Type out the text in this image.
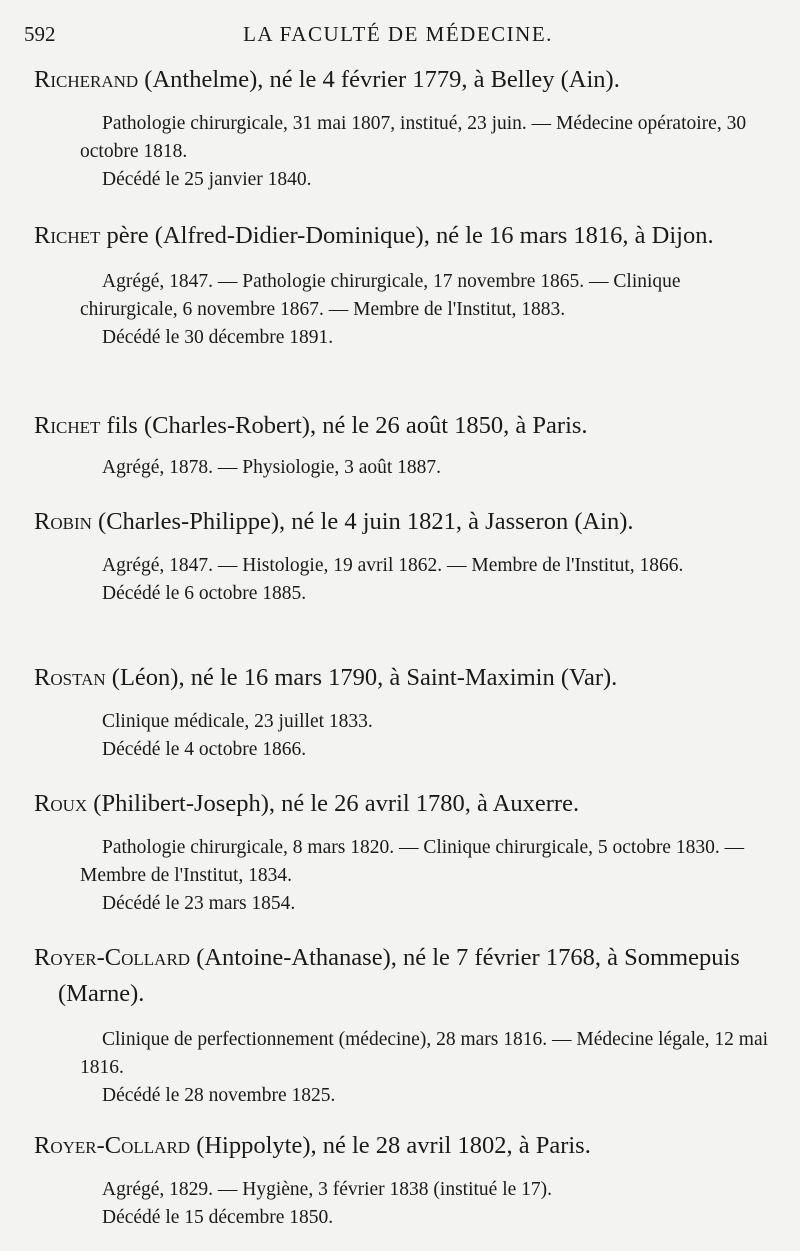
592	LA FACULTÉ DE MÉDECINE.
Richerand (Anthelme), né le 4 février 1779, à Belley (Ain).
Pathologie chirurgicale, 31 mai 1807, institué, 23 juin. — Médecine opératoire, 30 octobre 1818.
Décédé le 25 janvier 1840.
Richet père (Alfred-Didier-Dominique), né le 16 mars 1816, à Dijon.
Agrégé, 1847. — Pathologie chirurgicale, 17 novembre 1865. — Clinique chirurgicale, 6 novembre 1867. — Membre de l'Institut, 1883.
Décédé le 30 décembre 1891.
Richet fils (Charles-Robert), né le 26 août 1850, à Paris.
Agrégé, 1878. — Physiologie, 3 août 1887.
Robin (Charles-Philippe), né le 4 juin 1821, à Jasseron (Ain).
Agrégé, 1847. — Histologie, 19 avril 1862. — Membre de l'Institut, 1866.
Décédé le 6 octobre 1885.
Rostan (Léon), né le 16 mars 1790, à Saint-Maximin (Var).
Clinique médicale, 23 juillet 1833.
Décédé le 4 octobre 1866.
Roux (Philibert-Joseph), né le 26 avril 1780, à Auxerre.
Pathologie chirurgicale, 8 mars 1820. — Clinique chirurgicale, 5 octobre 1830. — Membre de l'Institut, 1834.
Décédé le 23 mars 1854.
Royer-Collard (Antoine-Athanase), né le 7 février 1768, à Sommepuis (Marne).
Clinique de perfectionnement (médecine), 28 mars 1816. — Médecine légale, 12 mai 1816.
Décédé le 28 novembre 1825.
Royer-Collard (Hippolyte), né le 28 avril 1802, à Paris.
Agrégé, 1829. — Hygiène, 3 février 1838 (institué le 17).
Décédé le 15 décembre 1850.
